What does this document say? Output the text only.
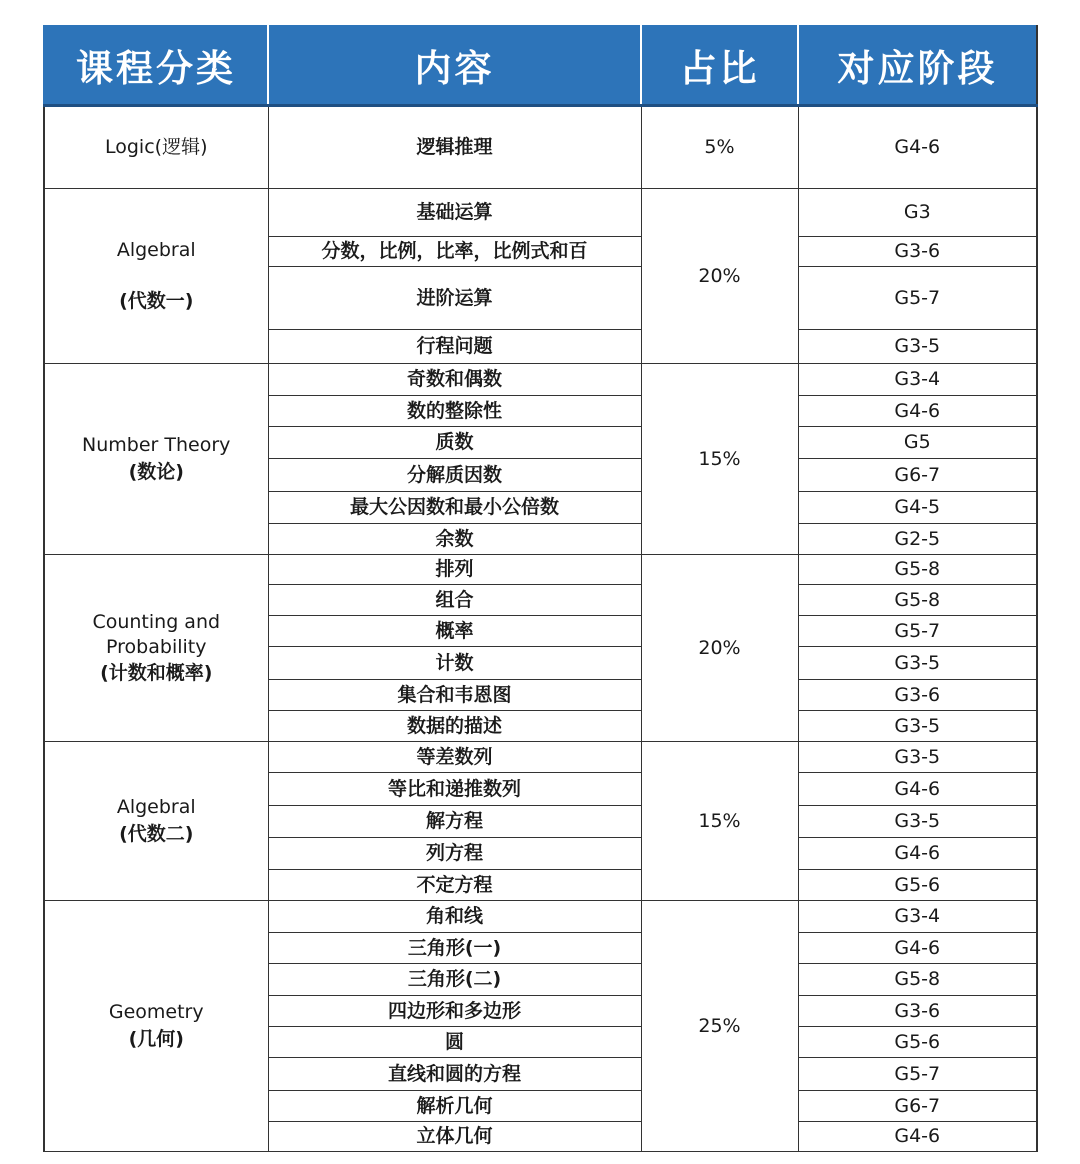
课程分类	内容	占比	对应阶段

Logic(逻辑)	逻辑推理	5%	G4-6

Algebral
(代数一)	基础运算	20%	G3
	分数，比例，比率，比例式和百		G3-6
	进阶运算		G5-7
	行程问题		G3-5

Number Theory
(数论)	奇数和偶数	15%	G3-4
	数的整除性		G4-6
	质数		G5
	分解质因数		G6-7
	最大公因数和最小公倍数		G4-5
	余数		G2-5

Counting and Probability
(计数和概率)	排列	20%	G5-8
	组合		G5-8
	概率		G5-7
	计数		G3-5
	集合和韦恩图		G3-6
	数据的描述		G3-5

Algebral
(代数二)	等差数列	15%	G3-5
	等比和递推数列		G4-6
	解方程		G3-5
	列方程		G4-6
	不定方程		G5-6

Geometry
(几何)	角和线	25%	G3-4
	三角形(一)		G4-6
	三角形(二)		G5-8
	四边形和多边形		G3-6
	圆		G5-6
	直线和圆的方程		G5-7
	解析几何		G6-7
	立体几何		G4-6
